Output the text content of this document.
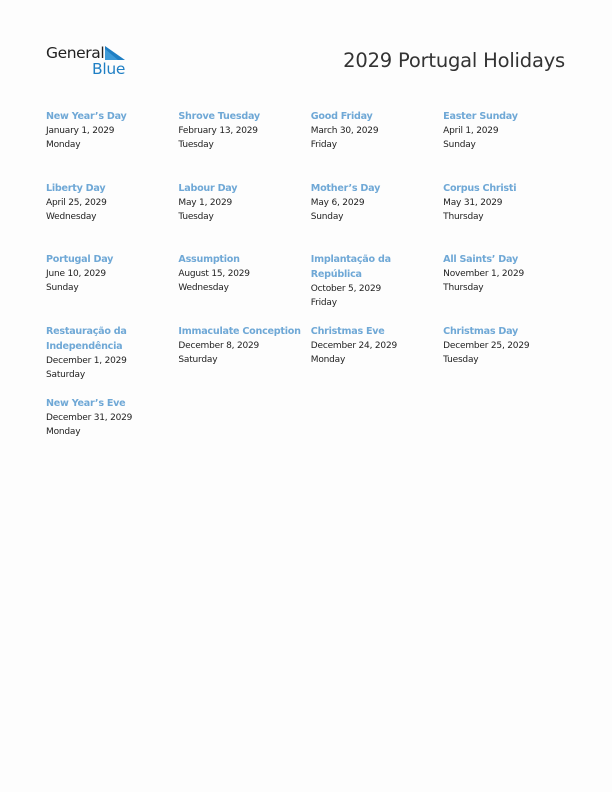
General
Blue	2029 Portugal Holidays
New Year’s Day
January 1, 2029
Monday
Shrove Tuesday
February 13, 2029
Tuesday
Good Friday
March 30, 2029
Friday
Easter Sunday
April 1, 2029
Sunday
Liberty Day
April 25, 2029
Wednesday
Labour Day
May 1, 2029
Tuesday
Mother’s Day
May 6, 2029
Sunday
Corpus Christi
May 31, 2029
Thursday
Portugal Day
June 10, 2029
Sunday
Assumption
August 15, 2029
Wednesday
Implantação da República
October 5, 2029
Friday
All Saints’ Day
November 1, 2029
Thursday
Restauração da Independência
December 1, 2029
Saturday
Immaculate Conception
December 8, 2029
Saturday
Christmas Eve
December 24, 2029
Monday
Christmas Day
December 25, 2029
Tuesday
New Year’s Eve
December 31, 2029
Monday
